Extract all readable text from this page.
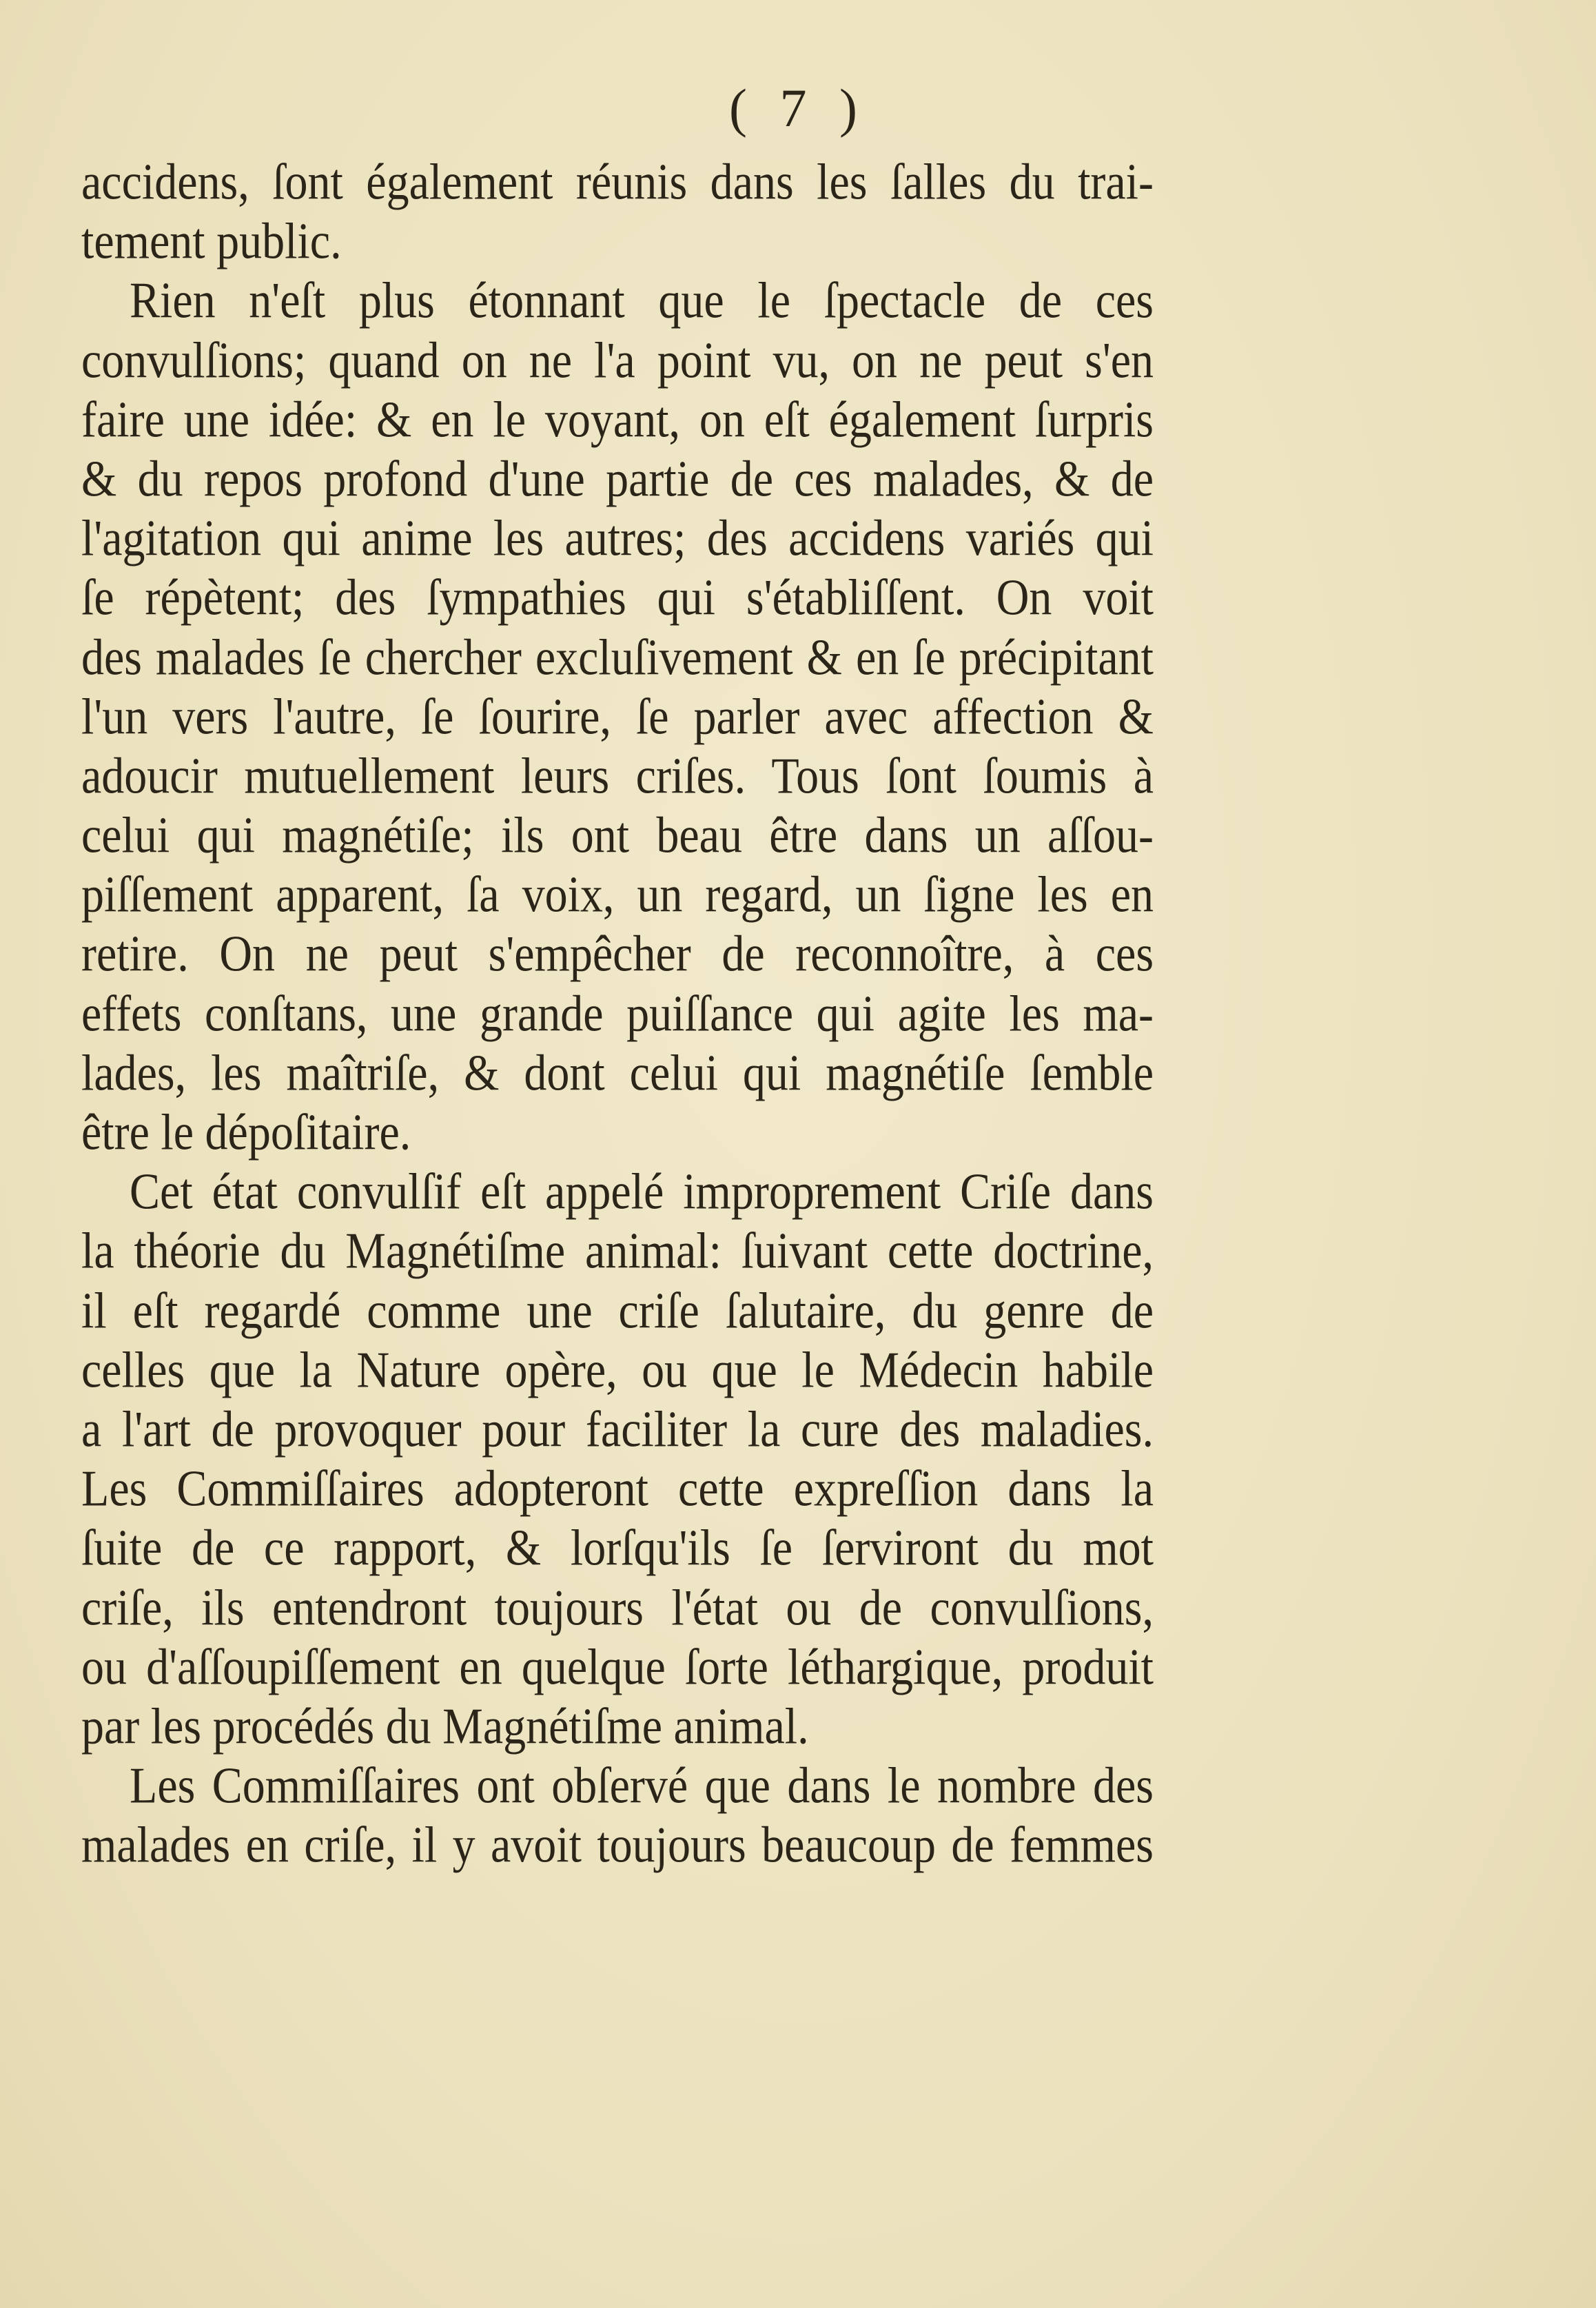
( 7 )
accidens, ſont également réunis dans les ſalles du trai-
tement public.
Rien n'eſt plus étonnant que le ſpectacle de ces
convulſions; quand on ne l'a point vu, on ne peut s'en
faire une idée: & en le voyant, on eſt également ſurpris
& du repos profond d'une partie de ces malades, & de
l'agitation qui anime les autres; des accidens variés qui
ſe répètent; des ſympathies qui s'établiſſent. On voit
des malades ſe chercher excluſivement & en ſe précipitant
l'un vers l'autre, ſe ſourire, ſe parler avec affection &
adoucir mutuellement leurs criſes. Tous ſont ſoumis à
celui qui magnétiſe; ils ont beau être dans un aſſou-
piſſement apparent, ſa voix, un regard, un ſigne les en
retire. On ne peut s'empêcher de reconnoître, à ces
effets conſtans, une grande puiſſance qui agite les ma-
lades, les maîtriſe, & dont celui qui magnétiſe ſemble
être le dépoſitaire.
Cet état convulſif eſt appelé improprement Criſe dans
la théorie du Magnétiſme animal: ſuivant cette doctrine,
il eſt regardé comme une criſe ſalutaire, du genre de
celles que la Nature opère, ou que le Médecin habile
a l'art de provoquer pour faciliter la cure des maladies.
Les Commiſſaires adopteront cette expreſſion dans la
ſuite de ce rapport, & lorſqu'ils ſe ſerviront du mot
criſe, ils entendront toujours l'état ou de convulſions,
ou d'aſſoupiſſement en quelque ſorte léthargique, produit
par les procédés du Magnétiſme animal.
Les Commiſſaires ont obſervé que dans le nombre des
malades en criſe, il y avoit toujours beaucoup de femmes
